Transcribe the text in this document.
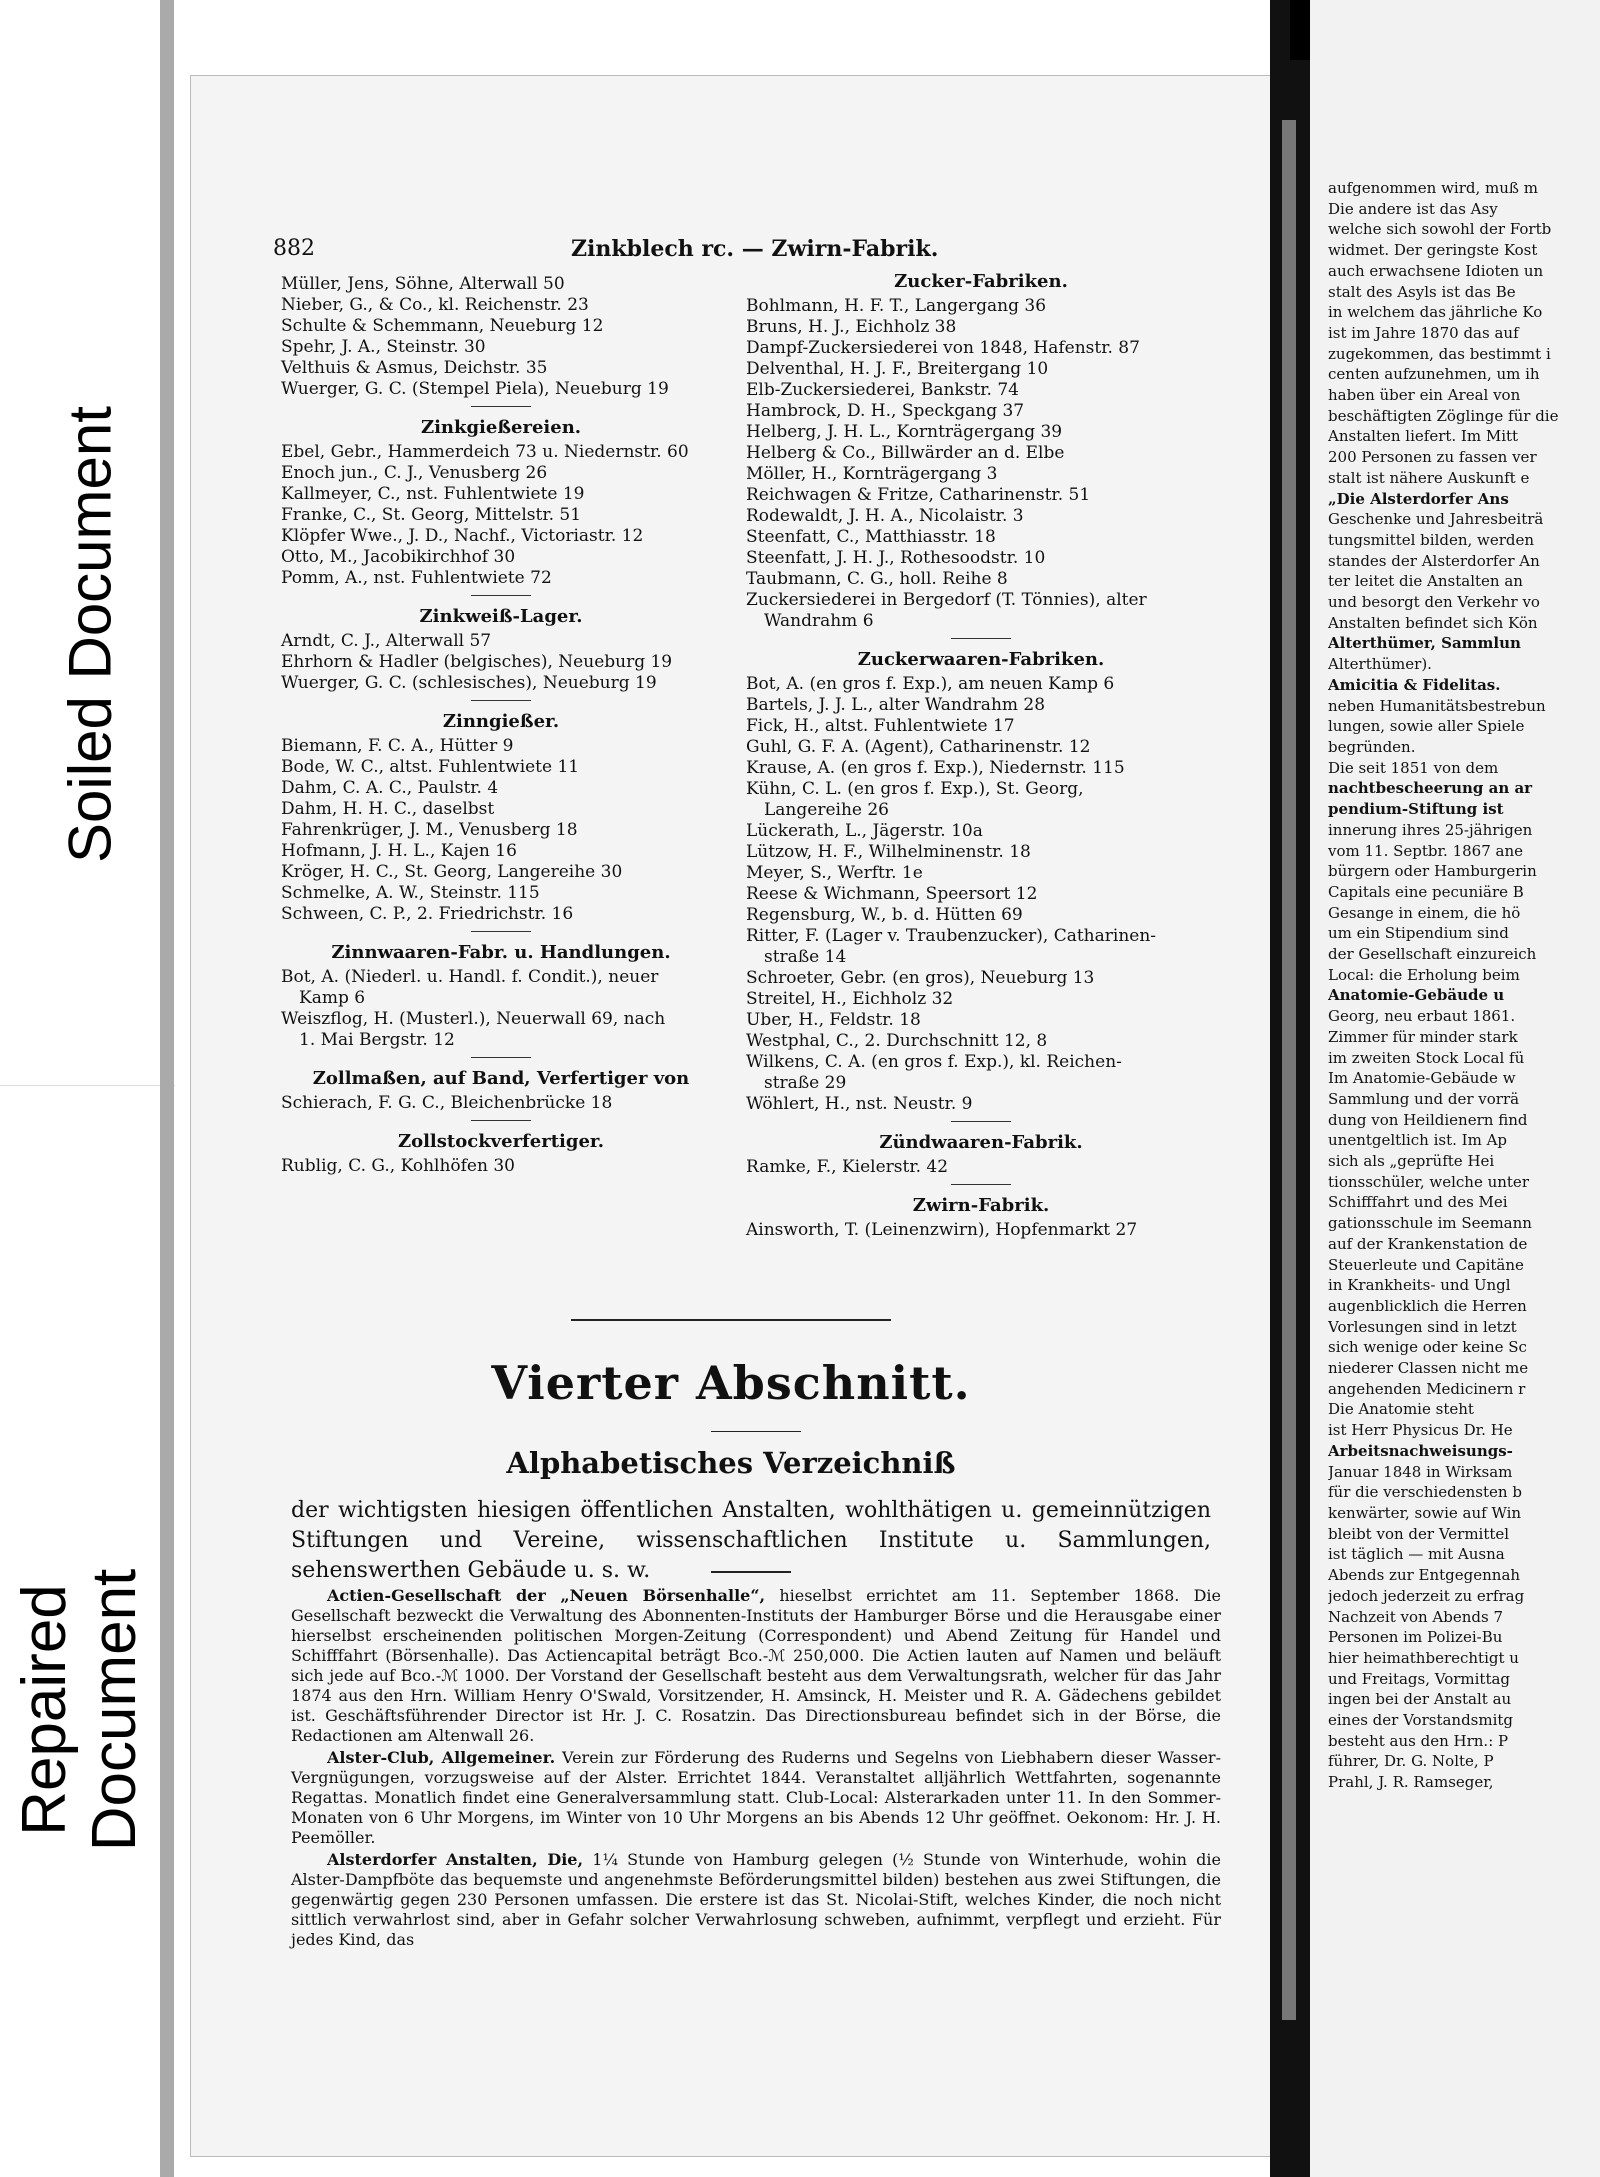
Soiled Document
Repaired Document
882	Zinkblech rc. — Zwirn-Fabrik.
Müller, Jens, Söhne, Alterwall 50
Nieber, G., & Co., kl. Reichenstr. 23
Schulte & Schemmann, Neueburg 12
Spehr, J. A., Steinstr. 30
Velthuis & Asmus, Deichstr. 35
Wuerger, G. C. (Stempel Piela), Neueburg 19
Zinkgießereien.
Ebel, Gebr., Hammerdeich 73 u. Niedernstr. 60
Enoch jun., C. J., Venusberg 26
Kallmeyer, C., nst. Fuhlentwiete 19
Franke, C., St. Georg, Mittelstr. 51
Klöpfer Wwe., J. D., Nachf., Victoriastr. 12
Otto, M., Jacobikirchhof 30
Pomm, A., nst. Fuhlentwiete 72
Zinkweiß-Lager.
Arndt, C. J., Alterwall 57
Ehrhorn & Hadler (belgisches), Neueburg 19
Wuerger, G. C. (schlesisches), Neueburg 19
Zinngießer.
Biemann, F. C. A., Hütter 9
Bode, W. C., altst. Fuhlentwiete 11
Dahm, C. A. C., Paulstr. 4
Dahm, H. H. C., daselbst
Fahrenkrüger, J. M., Venusberg 18
Hofmann, J. H. L., Kajen 16
Kröger, H. C., St. Georg, Langereihe 30
Schmelke, A. W., Steinstr. 115
Schween, C. P., 2. Friedrichstr. 16
Zinnwaaren-Fabr. u. Handlungen.
Bot, A. (Niederl. u. Handl. f. Condit.), neuer
Kamp 6
Weiszflog, H. (Musterl.), Neuerwall 69, nach
1. Mai Bergstr. 12
Zollmaßen, auf Band, Verfertiger von
Schierach, F. G. C., Bleichenbrücke 18
Zollstockverfertiger.
Rublig, C. G., Kohlhöfen 30
Zucker-Fabriken.
Bohlmann, H. F. T., Langergang 36
Bruns, H. J., Eichholz 38
Dampf-Zuckersiederei von 1848, Hafenstr. 87
Delventhal, H. J. F., Breitergang 10
Elb-Zuckersiederei, Bankstr. 74
Hambrock, D. H., Speckgang 37
Helberg, J. H. L., Kornträgergang 39
Helberg & Co., Billwärder an d. Elbe
Möller, H., Kornträgergang 3
Reichwagen & Fritze, Catharinenstr. 51
Rodewaldt, J. H. A., Nicolaistr. 3
Steenfatt, C., Matthiasstr. 18
Steenfatt, J. H. J., Rothesoodstr. 10
Taubmann, C. G., holl. Reihe 8
Zuckersiederei in Bergedorf (T. Tönnies), alter
Wandrahm 6
Zuckerwaaren-Fabriken.
Bot, A. (en gros f. Exp.), am neuen Kamp 6
Bartels, J. J. L., alter Wandrahm 28
Fick, H., altst. Fuhlentwiete 17
Guhl, G. F. A. (Agent), Catharinenstr. 12
Krause, A. (en gros f. Exp.), Niedernstr. 115
Kühn, C. L. (en gros f. Exp.), St. Georg,
Langereihe 26
Lückerath, L., Jägerstr. 10a
Lützow, H. F., Wilhelminenstr. 18
Meyer, S., Werftr. 1e
Reese & Wichmann, Speersort 12
Regensburg, W., b. d. Hütten 69
Ritter, F. (Lager v. Traubenzucker), Catharinen-
straße 14
Schroeter, Gebr. (en gros), Neueburg 13
Streitel, H., Eichholz 32
Uber, H., Feldstr. 18
Westphal, C., 2. Durchschnitt 12, 8
Wilkens, C. A. (en gros f. Exp.), kl. Reichen-
straße 29
Wöhlert, H., nst. Neustr. 9
Zündwaaren-Fabrik.
Ramke, F., Kielerstr. 42
Zwirn-Fabrik.
Ainsworth, T. (Leinenzwirn), Hopfenmarkt 27
Vierter Abschnitt.
Alphabetisches Verzeichniß
der wichtigsten hiesigen öffentlichen Anstalten, wohlthätigen u. gemeinnützigen Stiftungen und Vereine, wissenschaftlichen Institute u. Sammlungen, sehenswerthen Gebäude u. s. w.

Actien-Gesellschaft der „Neuen Börsenhalle“, hieselbst errichtet am 11. September 1868. Die Gesellschaft bezweckt die Verwaltung des Abonnenten-Instituts der Hamburger Börse und die Herausgabe einer hierselbst erscheinenden politischen Morgen-Zeitung (Correspondent) und Abend Zeitung für Handel und Schifffahrt (Börsenhalle). Das Actiencapital beträgt Bco.-ℳ 250,000. Die Actien lauten auf Namen und beläuft sich jede auf Bco.-ℳ 1000. Der Vorstand der Gesellschaft besteht aus dem Verwaltungsrath, welcher für das Jahr 1874 aus den Hrn. William Henry O'Swald, Vorsitzender, H. Amsinck, H. Meister und R. A. Gädechens gebildet ist. Geschäftsführender Director ist Hr. J. C. Rosatzin. Das Directionsbureau befindet sich in der Börse, die Redactionen am Altenwall 26.

Alster-Club, Allgemeiner. Verein zur Förderung des Ruderns und Segelns von Liebhabern dieser Wasser-Vergnügungen, vorzugsweise auf der Alster. Errichtet 1844. Veranstaltet alljährlich Wettfahrten, sogenannte Regattas. Monatlich findet eine Generalversammlung statt. Club-Local: Alsterarkaden unter 11. In den Sommer-Monaten von 6 Uhr Morgens, im Winter von 10 Uhr Morgens an bis Abends 12 Uhr geöffnet. Oekonom: Hr. J. H. Peemöller.

Alsterdorfer Anstalten, Die, 1¼ Stunde von Hamburg gelegen (½ Stunde von Winterhude, wohin die Alster-Dampfböte das bequemste und angenehmste Beförderungsmittel bilden) bestehen aus zwei Stiftungen, die gegenwärtig gegen 230 Personen umfassen. Die erstere ist das St. Nicolai-Stift, welches Kinder, die noch nicht sittlich verwahrlost sind, aber in Gefahr solcher Verwahrlosung schweben, aufnimmt, verpflegt und erzieht. Für jedes Kind, das

aufgenommen wird, muß m
Die andere ist das Asy
welche sich sowohl der Fortb
widmet. Der geringste Kost
auch erwachsene Idioten un
stalt des Asyls ist das Be
in welchem das jährliche Ko
ist im Jahre 1870 das auf
zugekommen, das bestimmt i
centen aufzunehmen, um ih
haben über ein Areal von
beschäftigten Zöglinge für die
Anstalten liefert. Im Mitt
200 Personen zu fassen ver
stalt ist nähere Auskunft e
„Die Alsterdorfer Ans
Geschenke und Jahresbeiträ
tungsmittel bilden, werden
standes der Alsterdorfer An
ter leitet die Anstalten an
und besorgt den Verkehr vo
Anstalten befindet sich Kön
Alterthümer, Sammlun
Alterthümer).
Amicitia & Fidelitas.
neben Humanitätsbestrebun
lungen, sowie aller Spiele
begründen.
Die seit 1851 von dem
nachtbescheerung an ar
pendium-Stiftung ist
innerung ihres 25-jährigen
vom 11. Septbr. 1867 ane
bürgern oder Hamburgerin
Capitals eine pecuniäre B
Gesange in einem, die hö
um ein Stipendium sind
der Gesellschaft einzureich
Local: die Erholung beim
Anatomie-Gebäude u
Georg, neu erbaut 1861.
Zimmer für minder stark
im zweiten Stock Local fü
Im Anatomie-Gebäude w
Sammlung und der vorrä
dung von Heildienern find
unentgeltlich ist. Im Ap
sich als „geprüfte Hei
tionsschüler, welche unter
Schifffahrt und des Mei
gationsschule im Seemann
auf der Krankenstation de
Steuerleute und Capitäne
in Krankheits- und Ungl
augenblicklich die Herren
Vorlesungen sind in letzt
sich wenige oder keine Sc
niederer Classen nicht me
angehenden Medicinern r
Die Anatomie steht
ist Herr Physicus Dr. He
Arbeitsnachweisungs-
Januar 1848 in Wirksam
für die verschiedensten b
kenwärter, sowie auf Win
bleibt von der Vermittel
ist täglich — mit Ausna
Abends zur Entgegennah
jedoch jederzeit zu erfrag
Nachzeit von Abends 7
Personen im Polizei-Bu
hier heimathberechtigt u
und Freitags, Vormittag
ingen bei der Anstalt au
eines der Vorstandsmitg
besteht aus den Hrn.: P
führer, Dr. G. Nolte, P
Prahl, J. R. Ramseger,
